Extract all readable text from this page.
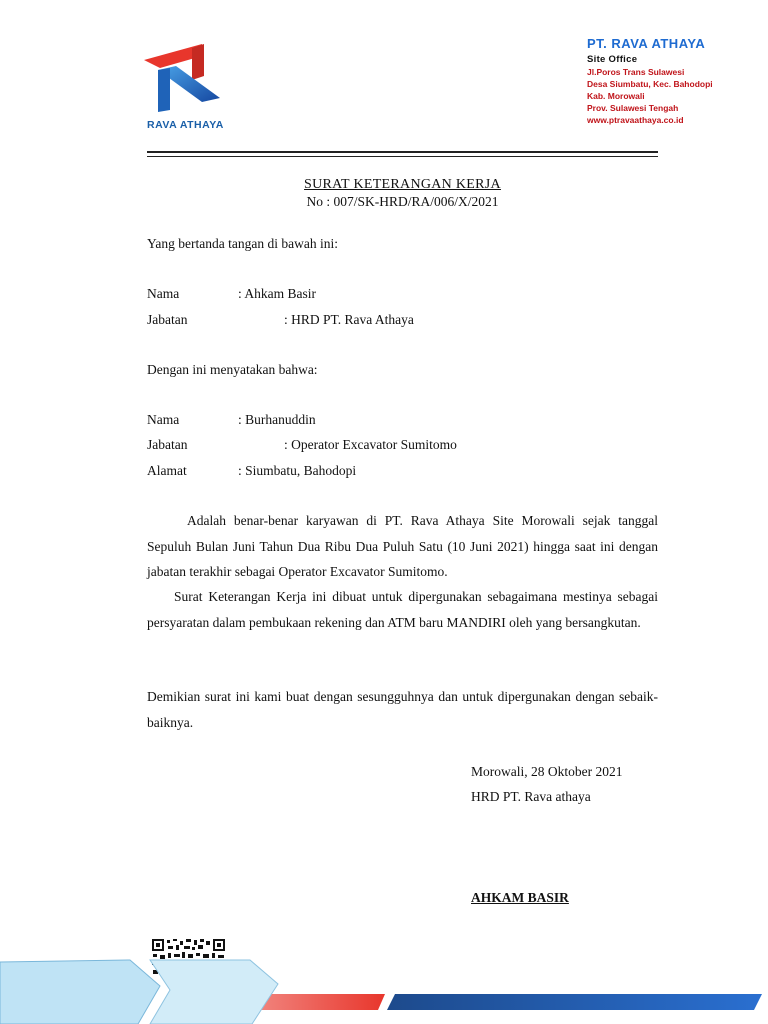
RAVA ATHAYA
PT. RAVA ATHAYA
Site Office
Jl.Poros Trans Sulawesi
Desa Siumbatu, Kec. Bahodopi
Kab. Morowali
Prov. Sulawesi Tengah
www.ptravaathaya.co.id
SURAT KETERANGAN KERJA
No : 007/SK-HRD/RA/006/X/2021
Yang bertanda tangan di bawah ini:
Nama	: Ahkam Basir
Jabatan	: HRD PT. Rava Athaya
Dengan ini menyatakan bahwa:
Nama	: Burhanuddin
Jabatan	: Operator Excavator Sumitomo
Alamat	: Siumbatu, Bahodopi
Adalah benar-benar karyawan di PT. Rava Athaya Site Morowali sejak tanggal Sepuluh Bulan Juni Tahun Dua Ribu Dua Puluh Satu (10 Juni 2021) hingga saat ini dengan jabatan terakhir sebagai Operator Excavator Sumitomo.
Surat Keterangan Kerja ini dibuat untuk dipergunakan sebagaimana mestinya sebagai persyaratan dalam pembukaan rekening dan ATM baru MANDIRI oleh yang bersangkutan.
Demikian surat ini kami buat dengan sesungguhnya dan untuk dipergunakan dengan sebaik-baiknya.
Morowali, 28 Oktober 2021
HRD PT. Rava athaya
AHKAM BASIR
